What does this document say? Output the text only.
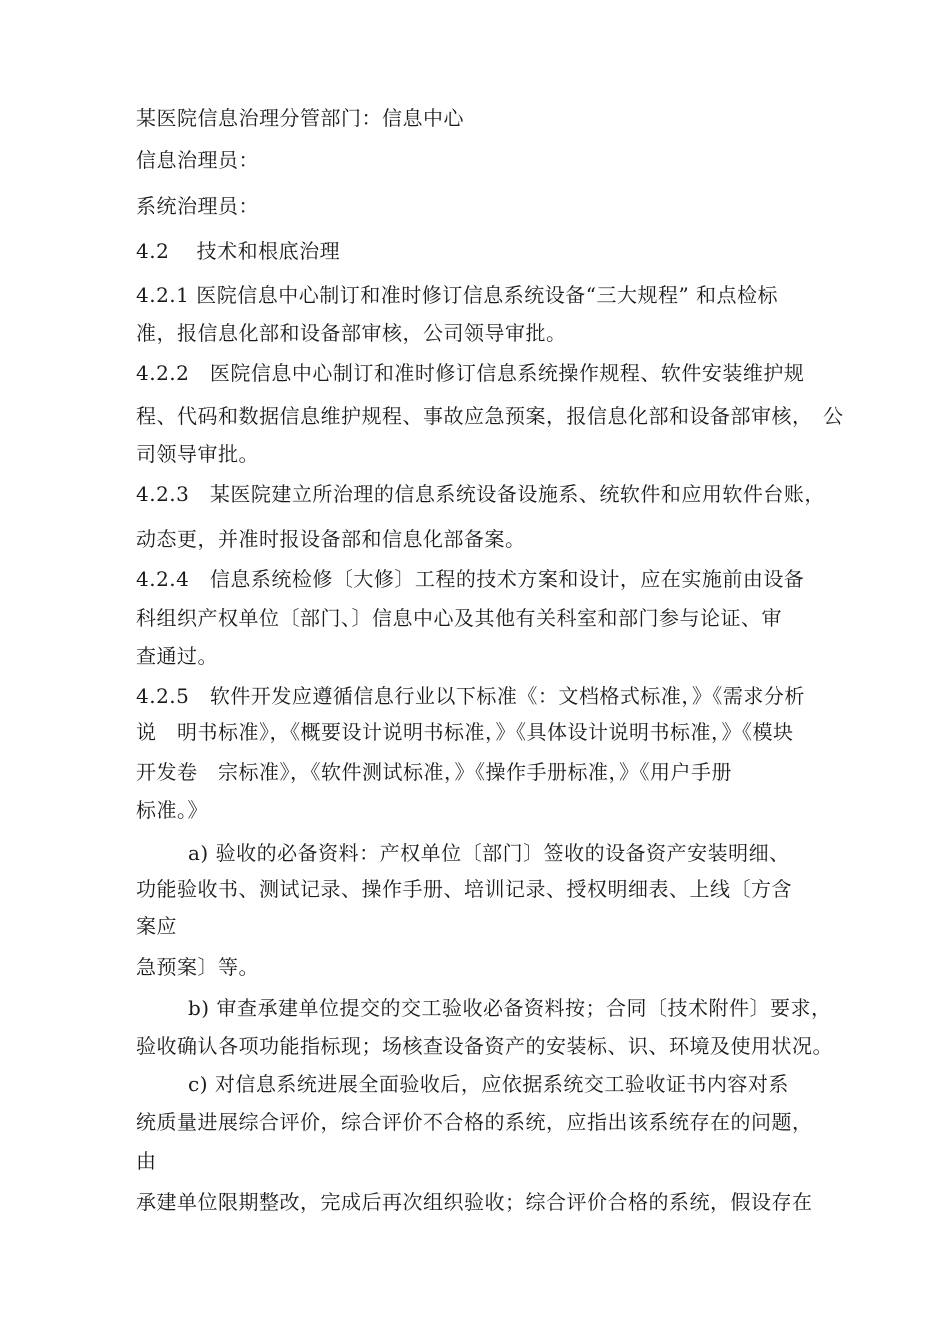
某医院信息治理分管部门：信息中心
信息治理员：
系统治理员：
4.2　 技术和根底治理
4.2.1 医院信息中心制订和准时修订信息系统设备“三大规程” 和点检标
准，报信息化部和设备部审核，公司领导审批。
4.2.2　医院信息中心制订和准时修订信息系统操作规程、软件安装维护规
程、代码和数据信息维护规程、事故应急预案，报信息化部和设备部审核，　公
司领导审批。
4.2.3　某医院建立所治理的信息系统设备设施系、统软件和应用软件台账，
动态更，并准时报设备部和信息化部备案。
4.2.4　信息系统检修〔大修〕工程的技术方案和设计，应在实施前由设备
科组织产权单位〔部门、〕信息中心及其他有关科室和部门参与论证、审
查通过。
4.2.5　软件开发应遵循信息行业以下标准《：文档格式标准，》《需求分析
说　明书标准》，《概要设计说明书标准，》《具体设计说明书标准，》《模块
开发卷　宗标准》，《软件测试标准，》《操作手册标准，》《用户手册
标准。》
a) 验收的必备资料：产权单位〔部门〕签收的设备资产安装明细、
功能验收书、测试记录、操作手册、培训记录、授权明细表、上线〔方含
案应
急预案〕等。
b) 审查承建单位提交的交工验收必备资料按；合同〔技术附件〕要求，
验收确认各项功能指标现；场核查设备资产的安装标、识、环境及使用状况。
c) 对信息系统进展全面验收后，应依据系统交工验收证书内容对系
统质量进展综合评价，综合评价不合格的系统，应指出该系统存在的问题，
由
承建单位限期整改，完成后再次组织验收；综合评价合格的系统，假设存在
